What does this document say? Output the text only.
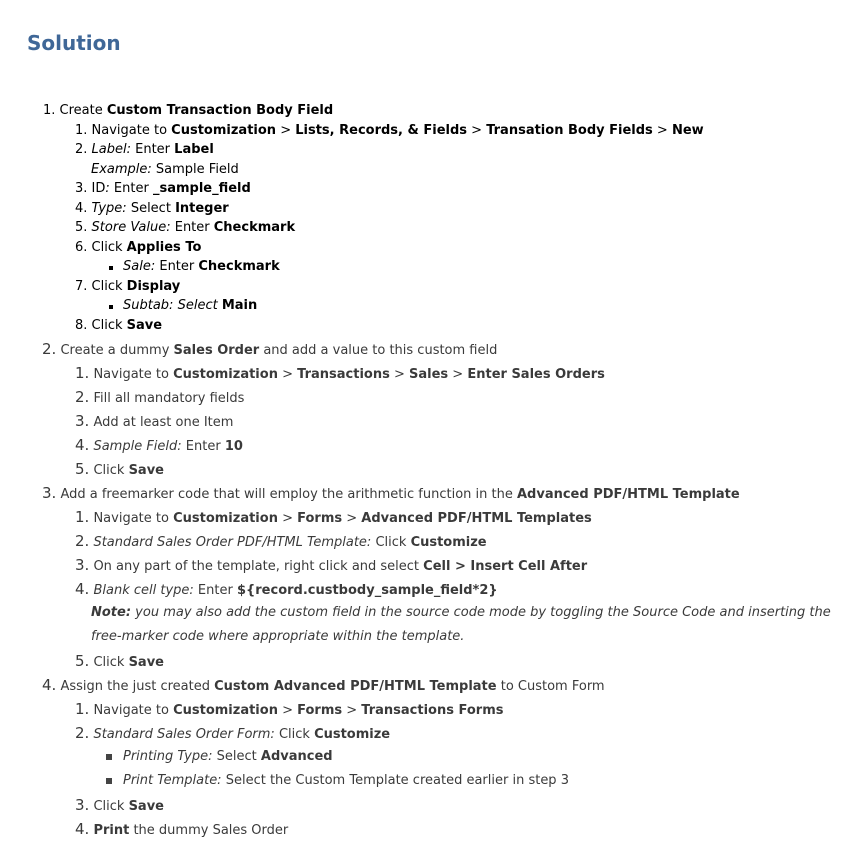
Solution
1. Create Custom Transaction Body Field
1. Navigate to Customization > Lists, Records, & Fields > Transation Body Fields > New
2. Label: Enter Label
Example: Sample Field
3. ID: Enter _sample_field
4. Type: Select Integer
5. Store Value: Enter Checkmark
6. Click Applies To
Sale: Enter Checkmark
7. Click Display
Subtab: Select Main
8. Click Save
2. Create a dummy Sales Order and add a value to this custom field
1. Navigate to Customization > Transactions > Sales > Enter Sales Orders
2. Fill all mandatory fields
3. Add at least one Item
4. Sample Field: Enter 10
5. Click Save
3. Add a freemarker code that will employ the arithmetic function in the Advanced PDF/HTML Template
1. Navigate to Customization > Forms > Advanced PDF/HTML Templates
2. Standard Sales Order PDF/HTML Template: Click Customize
3. On any part of the template, right click and select Cell > Insert Cell After
4. Blank cell type: Enter ${record.custbody_sample_field*2}
Note: you may also add the custom field in the source code mode by toggling the Source Code and inserting the free-marker code where appropriate within the template.
5. Click Save
4. Assign the just created Custom Advanced PDF/HTML Template to Custom Form
1. Navigate to Customization > Forms > Transactions Forms
2. Standard Sales Order Form: Click Customize
Printing Type: Select Advanced
Print Template: Select the Custom Template created earlier in step 3
3. Click Save
4. Print the dummy Sales Order
